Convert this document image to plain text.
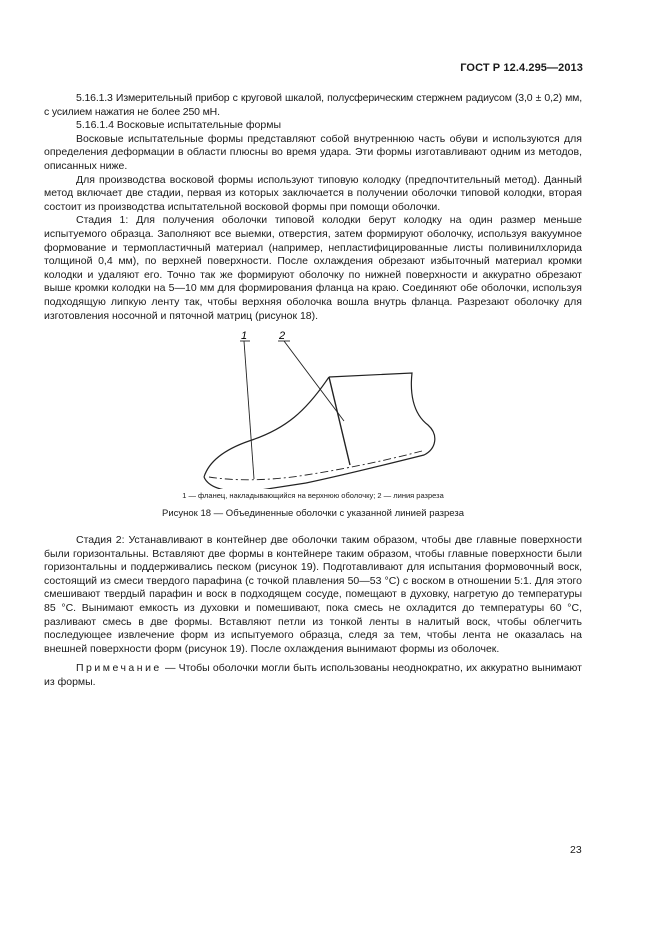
ГОСТ Р 12.4.295—2013

5.16.1.3 Измерительный прибор с круговой шкалой, полусферическим стержнем радиусом (3,0 ± 0,2) мм, с усилием нажатия не более 250 мН.

5.16.1.4 Восковые испытательные формы

Восковые испытательные формы представляют собой внутреннюю часть обуви и используются для определения деформации в области плюсны во время удара. Эти формы изготавливают одним из методов, описанных ниже.

Для производства восковой формы используют типовую колодку (предпочтительный метод). Данный метод включает две стадии, первая из которых заключается в получении оболочки типовой колодки, вторая состоит из производства испытательной восковой формы при помощи оболочки.

Стадия 1: Для получения оболочки типовой колодки берут колодку на один размер меньше испытуемого образца. Заполняют все выемки, отверстия, затем формируют оболочку, используя вакуумное формование и термопластичный материал (например, непластифицированные листы поливинилхлорида толщиной 0,4 мм), по верхней поверхности. После охлаждения обрезают избыточный материал кромки колодки и удаляют его. Точно так же формируют оболочку по нижней поверхности и аккуратно обрезают выше кромки колодки на 5—10 мм для формирования фланца на краю. Соединяют обе оболочки, используя подходящую липкую ленту так, чтобы верхняя оболочка вошла внутрь фланца. Разрезают оболочку для изготовления носочной и пяточной матриц (рисунок 18).

1	2
1 — фланец, накладывающийся на верхнюю оболочку; 2 — линия разреза
Рисунок 18 — Объединенные оболочки с указанной линией разреза

Стадия 2: Устанавливают в контейнер две оболочки таким образом, чтобы две главные поверхности были горизонтальны. Вставляют две формы в контейнере таким образом, чтобы главные поверхности были горизонтальны и поддерживались песком (рисунок 19). Подготавливают для испытания формовочный воск, состоящий из смеси твердого парафина (с точкой плавления 50—53 °C) с воском в отношении 5:1. Для этого смешивают твердый парафин и воск в подходящем сосуде, помещают в духовку, нагретую до температуры 85 °C. Вынимают емкость из духовки и помешивают, пока смесь не охладится до температуры 60 °C, разливают смесь в две формы. Вставляют петли из тонкой ленты в налитый воск, чтобы облегчить последующее извлечение форм из испытуемого образца, следя за тем, чтобы лента не оказалась на внешней поверхности форм (рисунок 19). После охлаждения вынимают формы из оболочек.

Примечание — Чтобы оболочки могли быть использованы неоднократно, их аккуратно вынимают из формы.

23
